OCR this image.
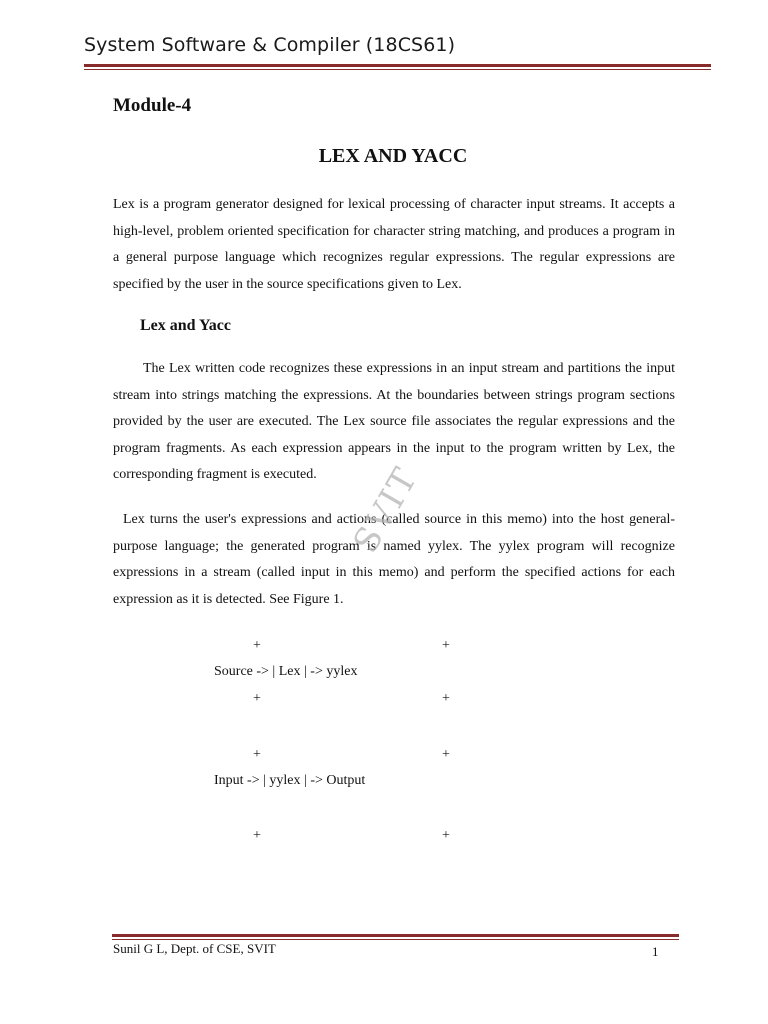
System Software & Compiler (18CS61)
Module-4
LEX AND YACC

Lex is a program generator designed for lexical processing of character input streams. It accepts a high-level, problem oriented specification for character string matching, and produces a program in a general purpose language which recognizes regular expressions. The regular expressions are specified by the user in the source specifications given to Lex.

Lex and Yacc

The Lex written code recognizes these expressions in an input stream and partitions the input stream into strings matching the expressions. At the boundaries between strings program sections provided by the user are executed. The Lex source file associates the regular expressions and the program fragments. As each expression appears in the input to the program written by Lex, the corresponding fragment is executed.

Lex turns the user's expressions and actions (called source in this memo) into the host general-purpose language; the generated program is named yylex. The yylex program will recognize expressions in a stream (called input in this memo) and perform the specified actions for each expression as it is detected. See Figure 1.

+	+
Source -> | Lex | -> yylex
+	+
+	+
Input -> | yylex | -> Output
+	+
SVIT
Sunil G L, Dept. of CSE, SVIT	1
